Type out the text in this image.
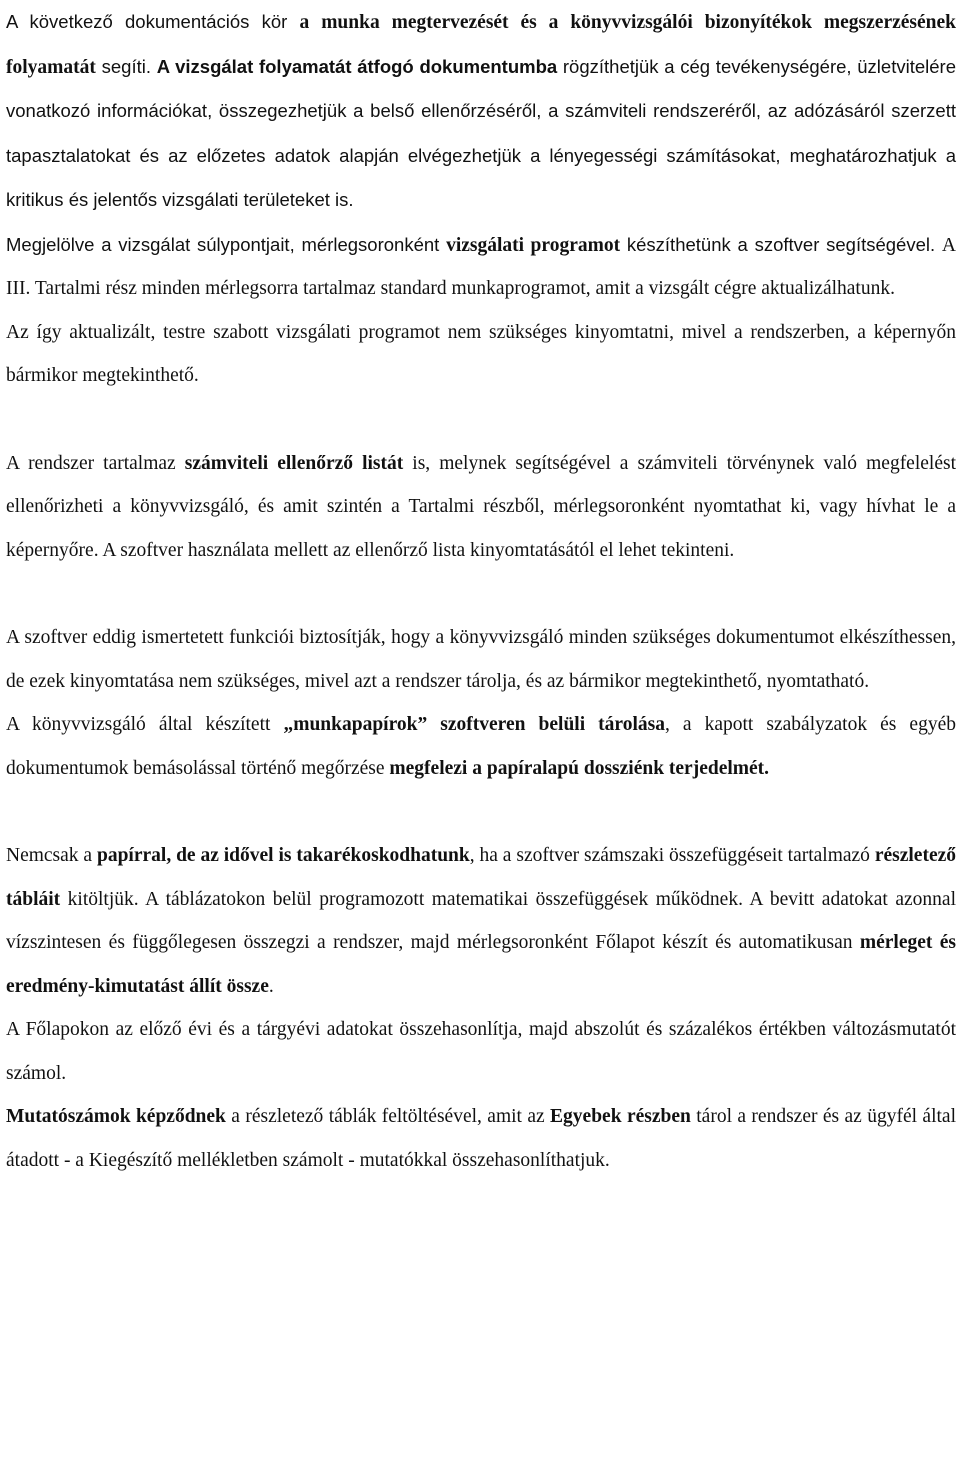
A következő dokumentációs kör a munka megtervezését és a könyvvizsgálói bizonyítékok megszerzésének folyamatát segíti. A vizsgálat folyamatát átfogó dokumentumba rögzíthetjük a cég tevékenységére, üzletvitelére vonatkozó információkat, összegezhetjük a belső ellenőrzéséről, a számviteli rendszeréről, az adózásáról szerzett tapasztalatokat és az előzetes adatok alapján elvégezhetjük a lényegességi számításokat, meghatározhatjuk a kritikus és jelentős vizsgálati területeket is.

Megjelölve a vizsgálat súlypontjait, mérlegsoronként vizsgálati programot készíthetünk a szoftver segítségével. A III. Tartalmi rész minden mérlegsorra tartalmaz standard munkaprogramot, amit a vizsgált cégre aktualizálhatunk.

Az így aktualizált, testre szabott vizsgálati programot nem szükséges kinyomtatni, mivel a rendszerben, a képernyőn bármikor megtekinthető.

A rendszer tartalmaz számviteli ellenőrző listát is, melynek segítségével a számviteli törvénynek való megfelelést ellenőrizheti a könyvvizsgáló, és amit szintén a Tartalmi részből, mérlegsoronként nyomtathat ki, vagy hívhat le a képernyőre. A szoftver használata mellett az ellenőrző lista kinyomtatásától el lehet tekinteni.

A szoftver eddig ismertetett funkciói biztosítják, hogy a könyvvizsgáló minden szükséges dokumentumot elkészíthessen, de ezek kinyomtatása nem szükséges, mivel azt a rendszer tárolja, és az bármikor megtekinthető, nyomtatható.

A könyvvizsgáló által készített „munkapapírok” szoftveren belüli tárolása, a kapott szabályzatok és egyéb dokumentumok bemásolással történő megőrzése megfelezi a papíralapú dossziénk terjedelmét.

Nemcsak a papírral, de az idővel is takarékoskodhatunk, ha a szoftver számszaki összefüggéseit tartalmazó részletező tábláit kitöltjük. A táblázatokon belül programozott matematikai összefüggések működnek. A bevitt adatokat azonnal vízszintesen és függőlegesen összegzi a rendszer, majd mérlegsoronként Főlapot készít és automatikusan mérleget és eredmény-kimutatást állít össze.

A Főlapokon az előző évi és a tárgyévi adatokat összehasonlítja, majd abszolút és százalékos értékben változásmutatót számol.

Mutatószámok képződnek a részletező táblák feltöltésével, amit az Egyebek részben tárol a rendszer és az ügyfél által átadott - a Kiegészítő mellékletben számolt - mutatókkal összehasonlíthatjuk.
